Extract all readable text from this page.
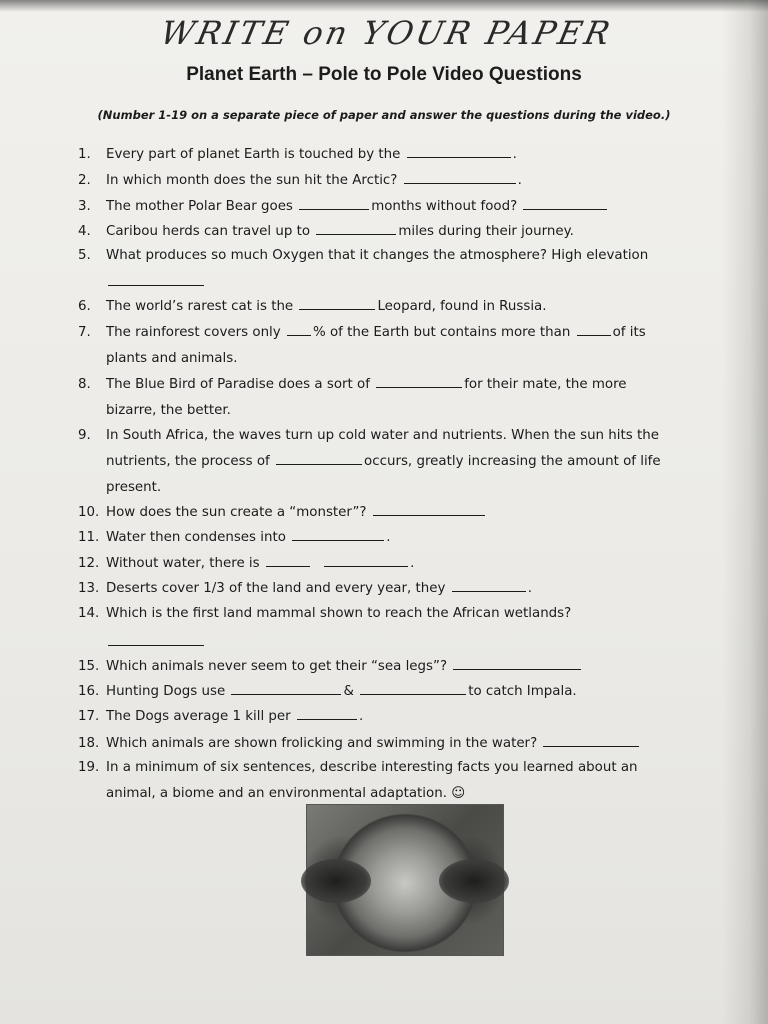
WRITE on YOUR PAPER
Planet Earth – Pole to Pole Video Questions
(Number 1-19 on a separate piece of paper and answer the questions during the video.)
1. Every part of planet Earth is touched by the	.
2. In which month does the sun hit the Arctic?	.
3. The mother Polar Bear goes	months without food?
4. Caribou herds can travel up to	miles during their journey.
5. What produces so much Oxygen that it changes the atmosphere? High elevation
6. The world’s rarest cat is the	Leopard, found in Russia.
7. The rainforest covers only % of the Earth but contains more than	of its
plants and animals.
8. The Blue Bird of Paradise does a sort of	for their mate, the more
bizarre, the better.
9. In South Africa, the waves turn up cold water and nutrients. When the sun hits the
nutrients, the process of	occurs, greatly increasing the amount of life
present.
10. How does the sun create a “monster”?
11. Water then condenses into	.
12. Without water, there is	.
13. Deserts cover 1/3 of the land and every year, they	.
14. Which is the first land mammal shown to reach the African wetlands?
15. Which animals never seem to get their “sea legs”?
16. Hunting Dogs use	&	to catch Impala.
17. The Dogs average 1 kill per	.
18. Which animals are shown frolicking and swimming in the water?
19. In a minimum of six sentences, describe interesting facts you learned about an
animal, a biome and an environmental adaptation. ☺
